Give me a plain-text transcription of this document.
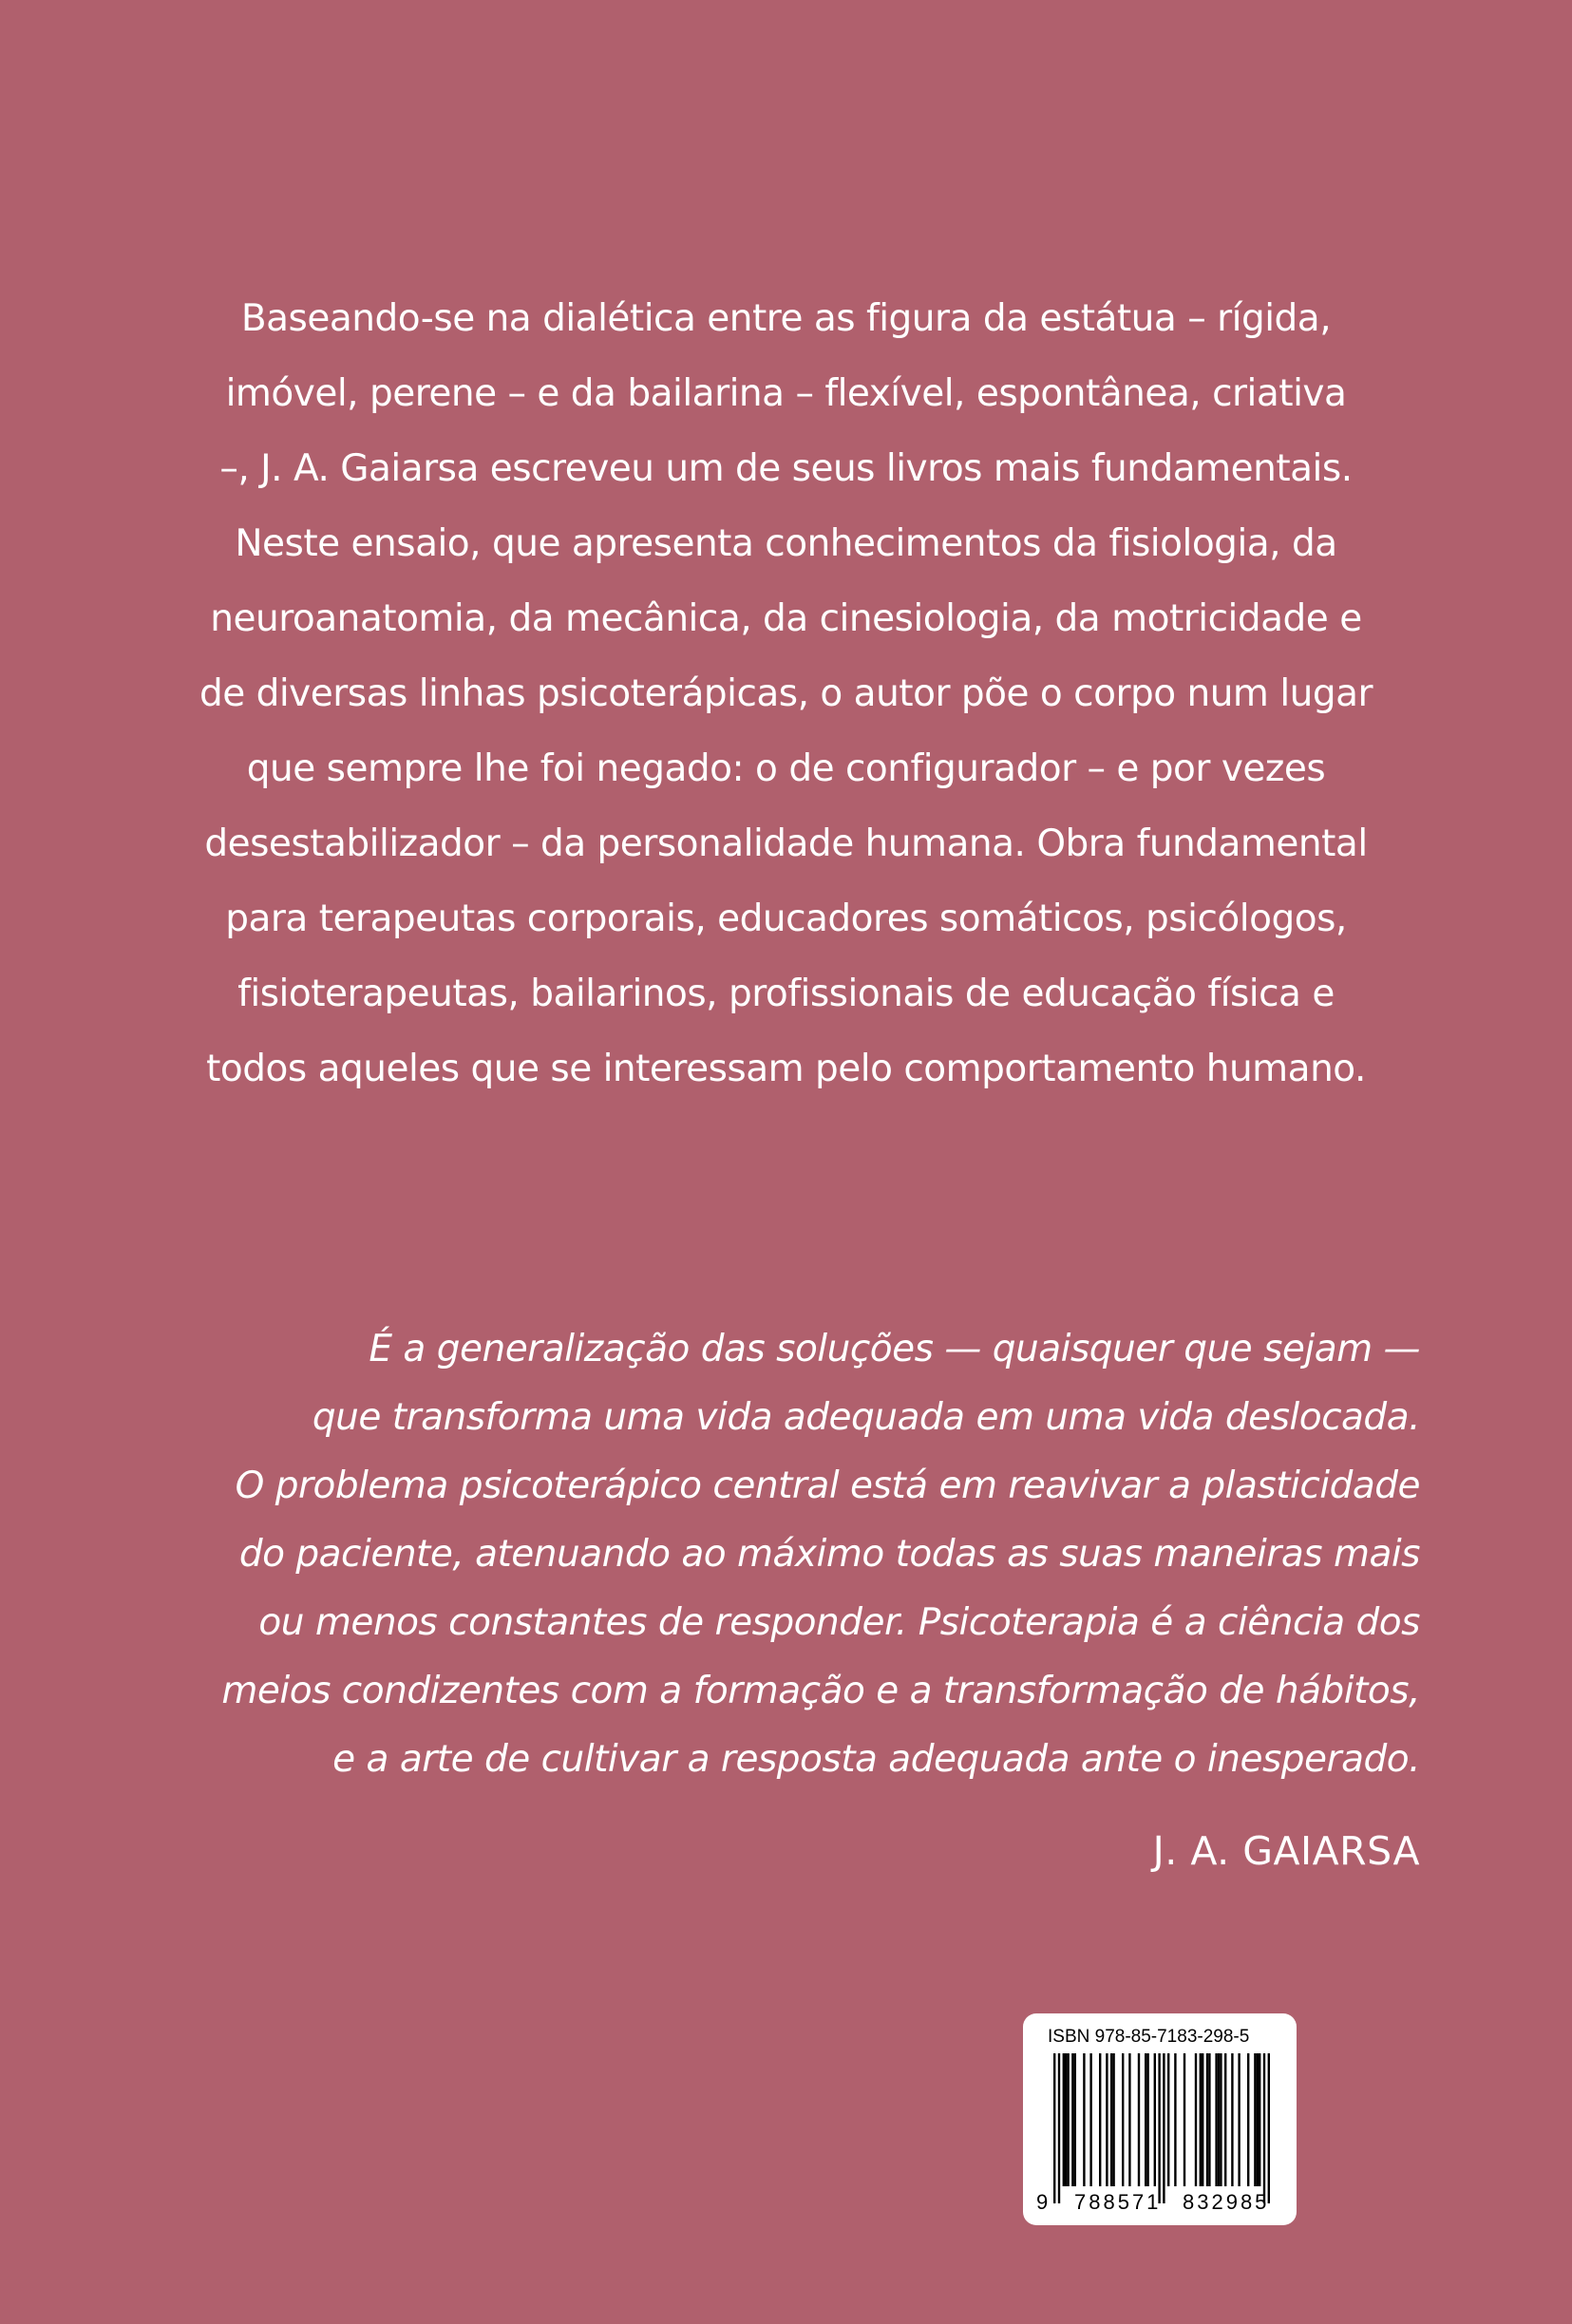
Baseando-se na dialética entre as figura da estátua – rígida,
imóvel, perene – e da bailarina – flexível, espontânea, criativa
–, J. A. Gaiarsa escreveu um de seus livros mais fundamentais.
Neste ensaio, que apresenta conhecimentos da fisiologia, da
neuroanatomia, da mecânica, da cinesiologia, da motricidade e
de diversas linhas psicoterápicas, o autor põe o corpo num lugar
que sempre lhe foi negado: o de configurador – e por vezes
desestabilizador – da personalidade humana. Obra fundamental
para terapeutas corporais, educadores somáticos, psicólogos,
fisioterapeutas, bailarinos, profissionais de educação física e
todos aqueles que se interessam pelo comportamento humano.
É a generalização das soluções — quaisquer que sejam —
que transforma uma vida adequada em uma vida deslocada.
O problema psicoterápico central está em reavivar a plasticidade
do paciente, atenuando ao máximo todas as suas maneiras mais
ou menos constantes de responder. Psicoterapia é a ciência dos
meios condizentes com a formação e a transformação de hábitos,
e a arte de cultivar a resposta adequada ante o inesperado.
J. A. GAIARSA
ISBN 978-85-7183-298-5
9 788571 832985
